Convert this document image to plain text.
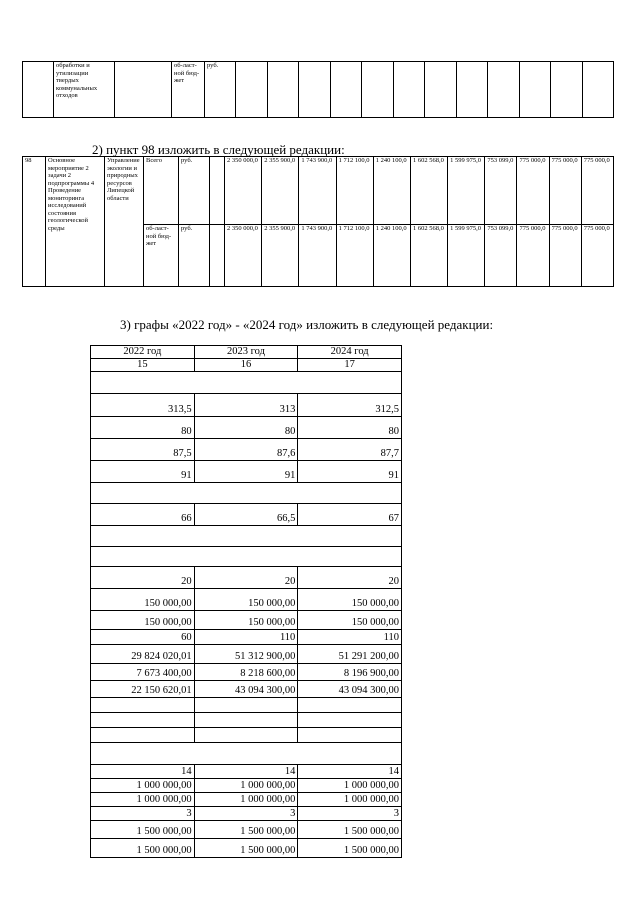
	обработки и утилизации твердых коммунальных отходов		об-ласт-ной бюд-жет	руб.												
2) пункт 98 изложить в следующей редакции:
98	Основное мероприятие 2 задачи 2 подпрограммы 4 Проведение мониторинга исследований состояния геологической среды	Управление экологии и природных ресурсов Липецкой области	Всего	руб.		2 350 000,0	2 355 900,0	1 743 900,0	1 712 100,0	1 240 100,0	1 602 568,0	1 599 975,0	753 099,0	775 000,0	775 000,0	775 000,0
			об-ласт-ной бюд-жет	руб.		2 350 000,0	2 355 900,0	1 743 900,0	1 712 100,0	1 240 100,0	1 602 568,0	1 599 975,0	753 099,0	775 000,0	775 000,0	775 000,0
3) графы «2022 год» - «2024 год» изложить в следующей редакции:
2022 год	2023 год	2024 год
15	16	17

313,5	313	312,5
80	80	80
87,5	87,6	87,7
91	91	91

66	66,5	67

20	20	20
150 000,00	150 000,00	150 000,00
150 000,00	150 000,00	150 000,00
60	110	110
29 824 020,01	51 312 900,00	51 291 200,00
7 673 400,00	8 218 600,00	8 196 900,00
22 150 620,01	43 094 300,00	43 094 300,00

14	14	14
1 000 000,00	1 000 000,00	1 000 000,00
1 000 000,00	1 000 000,00	1 000 000,00
3	3	3
1 500 000,00	1 500 000,00	1 500 000,00
1 500 000,00	1 500 000,00	1 500 000,00
